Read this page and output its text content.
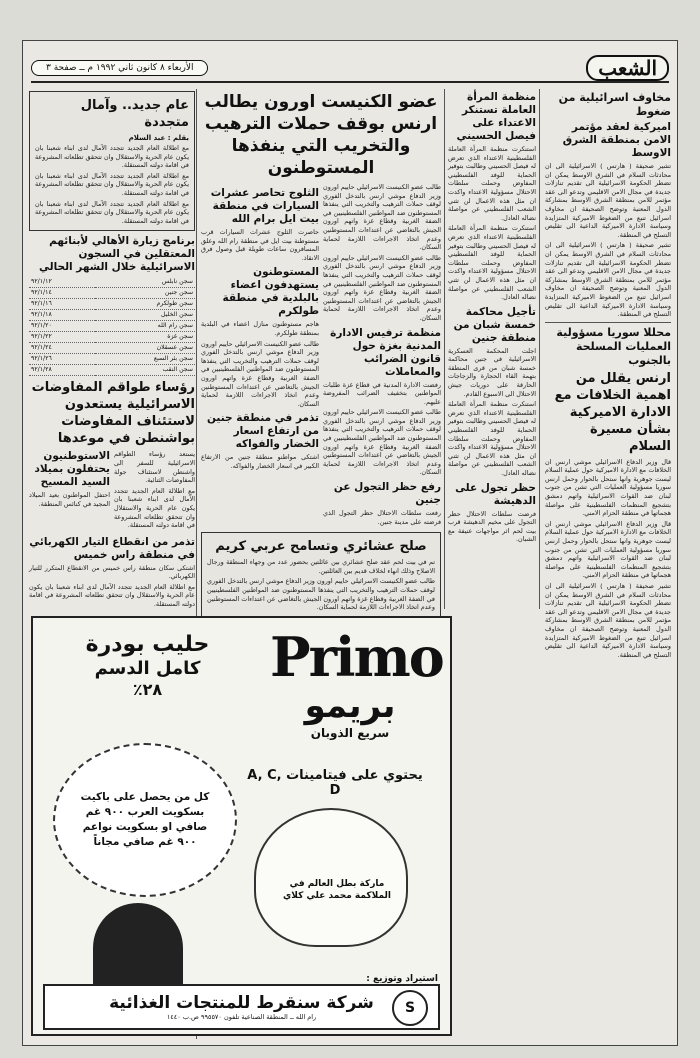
الشعب
الأربعاء ٨ كانون ثاني ١٩٩٢ م ــ صفحة ٣
مخاوف اسرائيلية من ضغوط
اميركية لعقد مؤتمر الامن بمنطقة الشرق الاوسط

تشير صحيفة ( هارتس ) الاسرائيلية الى ان محادثات السلام في الشرق الاوسط يمكن ان تضطر الحكومة الاسرائيلية الى تقديم تنازلات جديدة في مجال الامن الاقليمي وتدعو الى عقد مؤتمر للامن بمنطقة الشرق الاوسط بمشاركة الدول المعنية وتوضح الصحيفة ان مخاوف اسرائيل تنبع من الضغوط الاميركية المتزايدة وسياسة الادارة الاميركية الداعية الى تقليص التسلح في المنطقة.

تشير صحيفة ( هارتس ) الاسرائيلية الى ان محادثات السلام في الشرق الاوسط يمكن ان تضطر الحكومة الاسرائيلية الى تقديم تنازلات جديدة في مجال الامن الاقليمي وتدعو الى عقد مؤتمر للامن بمنطقة الشرق الاوسط بمشاركة الدول المعنية وتوضح الصحيفة ان مخاوف اسرائيل تنبع من الضغوط الاميركية المتزايدة وسياسة الادارة الاميركية الداعية الى تقليص التسلح في المنطقة.

محللا سوريا مسؤولية العمليات المسلحة بالجنوب
ارنس يقلل من اهمية الخلافات مع الادارة الاميركية بشأن مسيرة السلام

قال وزير الدفاع الاسرائيلي موشي ارنس ان الخلافات مع الادارة الاميركية حول عملية السلام ليست جوهرية وانها ستحل بالحوار وحمل ارنس سوريا مسؤولية العمليات التي تشن من جنوب لبنان ضد القوات الاسرائيلية واتهم دمشق بتشجيع المنظمات الفلسطينية على مواصلة هجماتها في منطقة الحزام الامني.

قال وزير الدفاع الاسرائيلي موشي ارنس ان الخلافات مع الادارة الاميركية حول عملية السلام ليست جوهرية وانها ستحل بالحوار وحمل ارنس سوريا مسؤولية العمليات التي تشن من جنوب لبنان ضد القوات الاسرائيلية واتهم دمشق بتشجيع المنظمات الفلسطينية على مواصلة هجماتها في منطقة الحزام الامني.

تشير صحيفة ( هارتس ) الاسرائيلية الى ان محادثات السلام في الشرق الاوسط يمكن ان تضطر الحكومة الاسرائيلية الى تقديم تنازلات جديدة في مجال الامن الاقليمي وتدعو الى عقد مؤتمر للامن بمنطقة الشرق الاوسط بمشاركة الدول المعنية وتوضح الصحيفة ان مخاوف اسرائيل تنبع من الضغوط الاميركية المتزايدة وسياسة الادارة الاميركية الداعية الى تقليص التسلح في المنطقة.

منظمة المرأة العاملة تستنكر الاعتداء على فيصل الحسيني

استنكرت منظمة المرأة العاملة الفلسطينية الاعتداء الذي تعرض له فيصل الحسيني وطالبت بتوفير الحماية للوفد الفلسطيني المفاوض وحملت سلطات الاحتلال مسؤولية الاعتداء واكدت ان مثل هذه الاعمال لن تثني الشعب الفلسطيني عن مواصلة نضاله العادل.

استنكرت منظمة المرأة العاملة الفلسطينية الاعتداء الذي تعرض له فيصل الحسيني وطالبت بتوفير الحماية للوفد الفلسطيني المفاوض وحملت سلطات الاحتلال مسؤولية الاعتداء واكدت ان مثل هذه الاعمال لن تثني الشعب الفلسطيني عن مواصلة نضاله العادل.

تأجيل محاكمة خمسة شبان من منطقة جنين

اجلت المحكمة العسكرية الاسرائيلية في جنين محاكمة خمسة شبان من قرى المنطقة بتهمة القاء الحجارة والزجاجات الحارقة على دوريات جيش الاحتلال الى الاسبوع القادم.

استنكرت منظمة المرأة العاملة الفلسطينية الاعتداء الذي تعرض له فيصل الحسيني وطالبت بتوفير الحماية للوفد الفلسطيني المفاوض وحملت سلطات الاحتلال مسؤولية الاعتداء واكدت ان مثل هذه الاعمال لن تثني الشعب الفلسطيني عن مواصلة نضاله العادل.

حظر تجول على الدهيشة

فرضت سلطات الاحتلال حظر التجول على مخيم الدهيشة قرب بيت لحم اثر مواجهات عنيفة مع الشبان.

عضو الكنيست اورون يطالب ارنس بوقف حملات الترهيب والتخريب التي ينفذها المستوطنون

طالب عضو الكنيست الاسرائيلي حاييم اورون وزير الدفاع موشي ارنس بالتدخل الفوري لوقف حملات الترهيب والتخريب التي ينفذها المستوطنون ضد المواطنين الفلسطينيين في الضفة الغربية وقطاع غزة واتهم اورون الجيش بالتغاضي عن اعتداءات المستوطنين وعدم اتخاذ الاجراءات اللازمة لحماية السكان.

طالب عضو الكنيست الاسرائيلي حاييم اورون وزير الدفاع موشي ارنس بالتدخل الفوري لوقف حملات الترهيب والتخريب التي ينفذها المستوطنون ضد المواطنين الفلسطينيين في الضفة الغربية وقطاع غزة واتهم اورون الجيش بالتغاضي عن اعتداءات المستوطنين وعدم اتخاذ الاجراءات اللازمة لحماية السكان.

منظمة ترفيس الادارة المدنية بغزة حول قانون الضرائب والمعاملات

رفضت الادارة المدنية في قطاع غزة طلبات المواطنين بتخفيف الضرائب المفروضة عليهم.

طالب عضو الكنيست الاسرائيلي حاييم اورون وزير الدفاع موشي ارنس بالتدخل الفوري لوقف حملات الترهيب والتخريب التي ينفذها المستوطنون ضد المواطنين الفلسطينيين في الضفة الغربية وقطاع غزة واتهم اورون الجيش بالتغاضي عن اعتداءات المستوطنين وعدم اتخاذ الاجراءات اللازمة لحماية السكان.

رفع حظر التجول عن جنين

رفعت سلطات الاحتلال حظر التجول الذي فرضته على مدينة جنين.

الثلوج تحاصر عشرات السيارات في منطقة بيت ايل برام الله

حاصرت الثلوج عشرات السيارات قرب مستوطنة بيت ايل في منطقة رام الله وعلق المسافرون ساعات طويلة قبل وصول فرق الانقاذ.

المستوطنون يستهدفون اعضاء بالبلدية في منطقة طولكرم

هاجم مستوطنون منازل اعضاء في البلدية بمنطقة طولكرم.

طالب عضو الكنيست الاسرائيلي حاييم اورون وزير الدفاع موشي ارنس بالتدخل الفوري لوقف حملات الترهيب والتخريب التي ينفذها المستوطنون ضد المواطنين الفلسطينيين في الضفة الغربية وقطاع غزة واتهم اورون الجيش بالتغاضي عن اعتداءات المستوطنين وعدم اتخاذ الاجراءات اللازمة لحماية السكان.

تذمر في منطقة جنين من ارتفاع اسعار الخضار والفواكه

اشتكى مواطنو منطقة جنين من الارتفاع الكبير في اسعار الخضار والفواكه.

صلح عشائري وتسامح عربي كريم

تم في بيت لحم عقد صلح عشائري بين عائلتين بحضور عدد من وجهاء المنطقة ورجال الاصلاح وذلك انهاء لخلاف قديم بين العائلتين.

طالب عضو الكنيست الاسرائيلي حاييم اورون وزير الدفاع موشي ارنس بالتدخل الفوري لوقف حملات الترهيب والتخريب التي ينفذها المستوطنون ضد المواطنين الفلسطينيين في الضفة الغربية وقطاع غزة واتهم اورون الجيش بالتغاضي عن اعتداءات المستوطنين وعدم اتخاذ الاجراءات اللازمة لحماية السكان.

عام جديد.. وآمال متجددة
بقلم : عبد السلام

مع اطلالة العام الجديد تتجدد الآمال لدى ابناء شعبنا بان يكون عام الحرية والاستقلال وان تتحقق تطلعاته المشروعة في اقامة دولته المستقلة.

مع اطلالة العام الجديد تتجدد الآمال لدى ابناء شعبنا بان يكون عام الحرية والاستقلال وان تتحقق تطلعاته المشروعة في اقامة دولته المستقلة.

مع اطلالة العام الجديد تتجدد الآمال لدى ابناء شعبنا بان يكون عام الحرية والاستقلال وان تتحقق تطلعاته المشروعة في اقامة دولته المستقلة.

برنامج زيارة الأهالي لأبنائهم المعتقلين في السجون الاسرائيلية خلال الشهر الحالي
سجن نابلس	٩٢/١/١٢
سجن جنين	٩٢/١/١٤
سجن طولكرم	٩٢/١/١٦
سجن الخليل	٩٢/١/١٨
سجن رام الله	٩٢/١/٢٠
سجن غزة	٩٢/١/٢٢
سجن عسقلان	٩٢/١/٢٤
سجن بئر السبع	٩٢/١/٢٦
سجن النقب	٩٢/١/٢٨
رؤساء طواقم المفاوضات الاسرائيلية يستعدون لاستئناف المفاوضات بواشنطن في موعدها

يستعد رؤساء الطواقم الاسرائيلية للسفر الى واشنطن لاستئناف جولة المفاوضات الثنائية.

مع اطلالة العام الجديد تتجدد الآمال لدى ابناء شعبنا بان يكون عام الحرية والاستقلال وان تتحقق تطلعاته المشروعة في اقامة دولته المستقلة.

الاستوطنيون يحتفلون بميلاد السيد المسيح

احتفل المواطنون بعيد الميلاد المجيد في كنائس المنطقة.

تذمر من انقطاع التيار الكهربائي في منطقة راس خميس

اشتكى سكان منطقة راس خميس من الانقطاع المتكرر للتيار الكهربائي.

مع اطلالة العام الجديد تتجدد الآمال لدى ابناء شعبنا بان يكون عام الحرية والاستقلال وان تتحقق تطلعاته المشروعة في اقامة دولته المستقلة.

Primo
بريمو
سريع الذوبان
يحتوي على فيتامينات A, C, D
ماركة بطل العالم في الملاكمة محمد علي كلاي
حليب بودرة
كامل الدسم
٢٨٪
كل من يحصل على باكيت بسكويت العرب ٩٠٠ غم صافي او بسكويت نواعم ٩٠٠ غم صافي مجاناً
استيراد وتوزيع :
S
شركة سنقرط للمنتجات الغذائية
رام الله ــ المنطقة الصناعية تلفون ٩٩٥٥٧٠ ص.ب ١٤٤٠
